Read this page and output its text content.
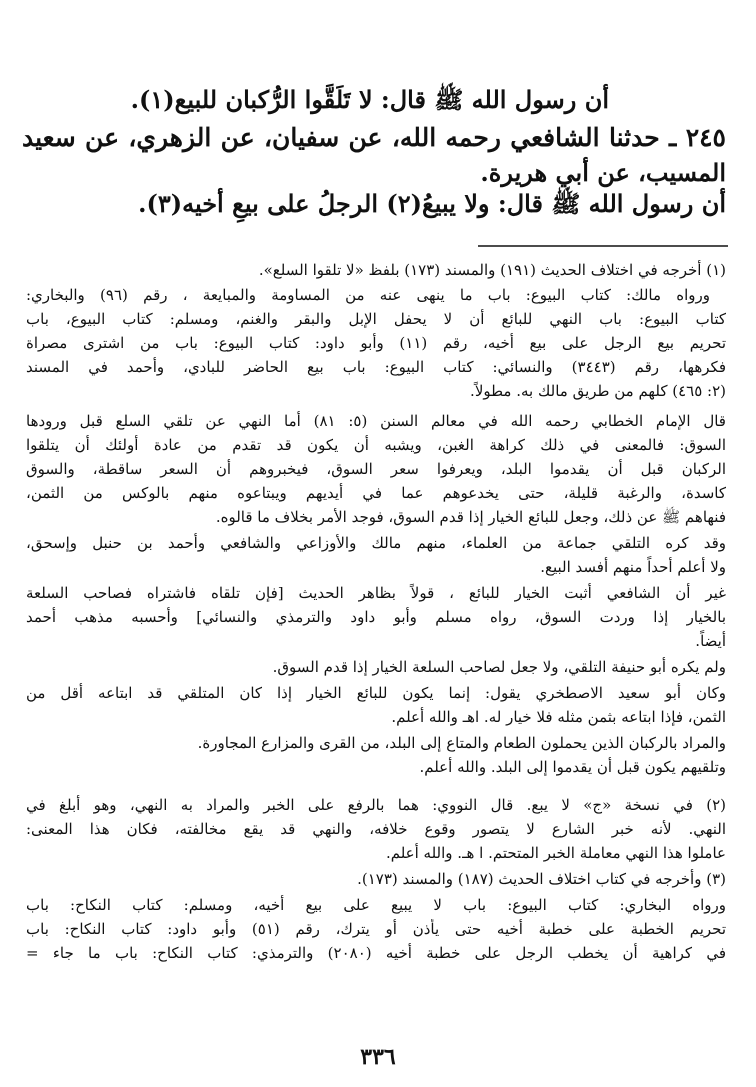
أن رسول الله ﷺ قال: لا تَلَقَّوا الرُّكبان للبيع(١).
٢٤٥ ـ حدثنا الشافعي رحمه الله، عن سفيان، عن الزهري، عن سعيد
المسيب، عن أبي هريرة.
أن رسول الله ﷺ قال: ولا يبيعُ(٢) الرجلُ على بيعِ أخيه(٣).
(١) أخرجه في اختلاف الحديث (١٩١) والمسند (١٧٣) بلفظ «لا تلقوا السلع».
ورواه مالك: كتاب البيوع: باب ما ينهى عنه من المساومة والمبايعة ، رقم (٩٦) والبخاري:
كتاب البيوع: باب النهي للبائع أن لا يحفل الإبل والبقر والغنم، ومسلم: كتاب البيوع، باب
تحريم بيع الرجل على بيع أخيه، رقم (١١) وأبو داود: كتاب البيوع: باب من اشترى مصراة
فكرهها، رقم (٣٤٤٣) والنسائي: كتاب البيوع: باب بيع الحاضر للبادي، وأحمد في المسند
(٢: ٤٦٥) كلهم من طريق مالك به. مطولاً.
قال الإمام الخطابي رحمه الله في معالم السنن (٥: ٨١) أما النهي عن تلقي السلع قبل ورودها
السوق: فالمعنى في ذلك كراهة الغبن، ويشبه أن يكون قد تقدم من عادة أولئك أن يتلقوا
الركبان قبل أن يقدموا البلد، ويعرفوا سعر السوق، فيخبروهم أن السعر ساقطة، والسوق
كاسدة، والرغبة قليلة، حتى يخدعوهم عما في أيديهم ويبتاعوه منهم بالوكس من الثمن،
فنهاهم ﷺ عن ذلك، وجعل للبائع الخيار إذا قدم السوق، فوجد الأمر بخلاف ما قالوه.
وقد كره التلقي جماعة من العلماء، منهم مالك والأوزاعي والشافعي وأحمد بن حنبل وإسحق،
ولا أعلم أحداً منهم أفسد البيع.
غير أن الشافعي أثبت الخيار للبائع ، قولاً بظاهر الحديث [فإن تلقاه فاشتراه فصاحب السلعة
بالخيار إذا وردت السوق، رواه مسلم وأبو داود والترمذي والنسائي] وأحسبه مذهب أحمد
أيضاً.
ولم يكره أبو حنيفة التلقي، ولا جعل لصاحب السلعة الخيار إذا قدم السوق.
وكان أبو سعيد الاصطخري يقول: إنما يكون للبائع الخيار إذا كان المتلقي قد ابتاعه أقل من
الثمن، فإذا ابتاعه بثمن مثله فلا خيار له. اهـ والله أعلم.
والمراد بالركبان الذين يحملون الطعام والمتاع إلى البلد، من القرى والمزارع المجاورة.
وتلقيهم يكون قبل أن يقدموا إلى البلد. والله أعلم.
(٢) في نسخة «ج» لا يبع. قال النووي: هما بالرفع على الخبر والمراد به النهي، وهو أبلغ في
النهي. لأنه خبر الشارع لا يتصور وقوع خلافه، والنهي قد يقع مخالفته، فكان هذا المعنى:
عاملوا هذا النهي معاملة الخبر المتحتم. ا هـ. والله أعلم.
(٣) وأخرجه في كتاب اختلاف الحديث (١٨٧) والمسند (١٧٣).
ورواه البخاري: كتاب البيوع: باب لا يبيع على بيع أخيه، ومسلم: كتاب النكاح: باب
تحريم الخطبة على خطبة أخيه حتى يأذن أو يترك، رقم (٥١) وأبو داود: كتاب النكاح: باب
في كراهية أن يخطب الرجل على خطبة أخيه (٢٠٨٠) والترمذي: كتاب النكاح: باب ما جاء =
٣٣٦
